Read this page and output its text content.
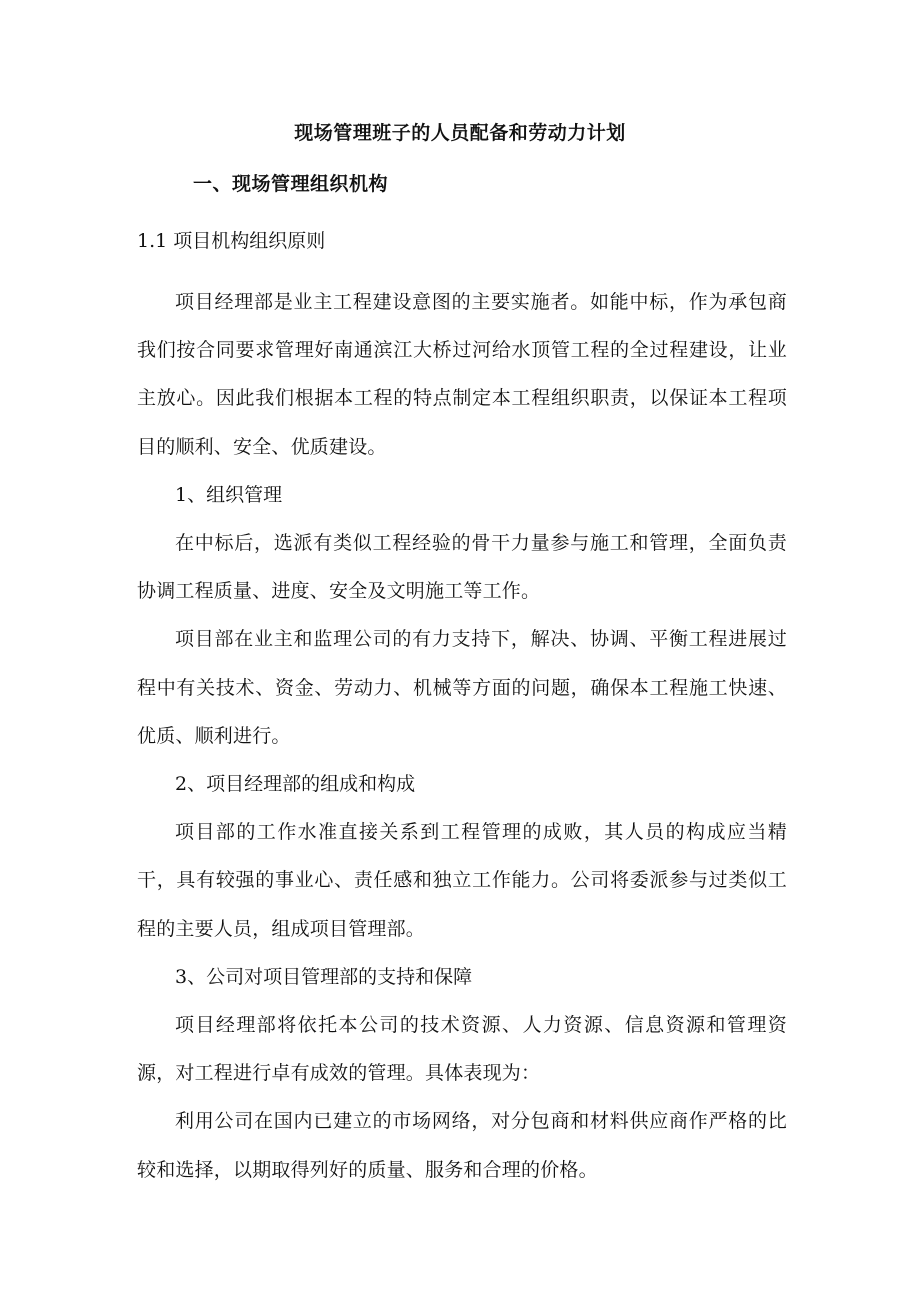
现场管理班子的人员配备和劳动力计划
一、现场管理组织机构
1.1 项目机构组织原则

项目经理部是业主工程建设意图的主要实施者。如能中标，作为承包商我们按合同要求管理好南通滨江大桥过河给水顶管工程的全过程建设，让业主放心。因此我们根据本工程的特点制定本工程组织职责，以保证本工程项目的顺利、安全、优质建设。

1、组织管理

在中标后，选派有类似工程经验的骨干力量参与施工和管理，全面负责协调工程质量、进度、安全及文明施工等工作。

项目部在业主和监理公司的有力支持下，解决、协调、平衡工程进展过程中有关技术、资金、劳动力、机械等方面的问题，确保本工程施工快速、优质、顺利进行。

2、项目经理部的组成和构成

项目部的工作水准直接关系到工程管理的成败，其人员的构成应当精干，具有较强的事业心、责任感和独立工作能力。公司将委派参与过类似工程的主要人员，组成项目管理部。

3、公司对项目管理部的支持和保障

项目经理部将依托本公司的技术资源、人力资源、信息资源和管理资源，对工程进行卓有成效的管理。具体表现为：

利用公司在国内已建立的市场网络，对分包商和材料供应商作严格的比较和选择，以期取得列好的质量、服务和合理的价格。
